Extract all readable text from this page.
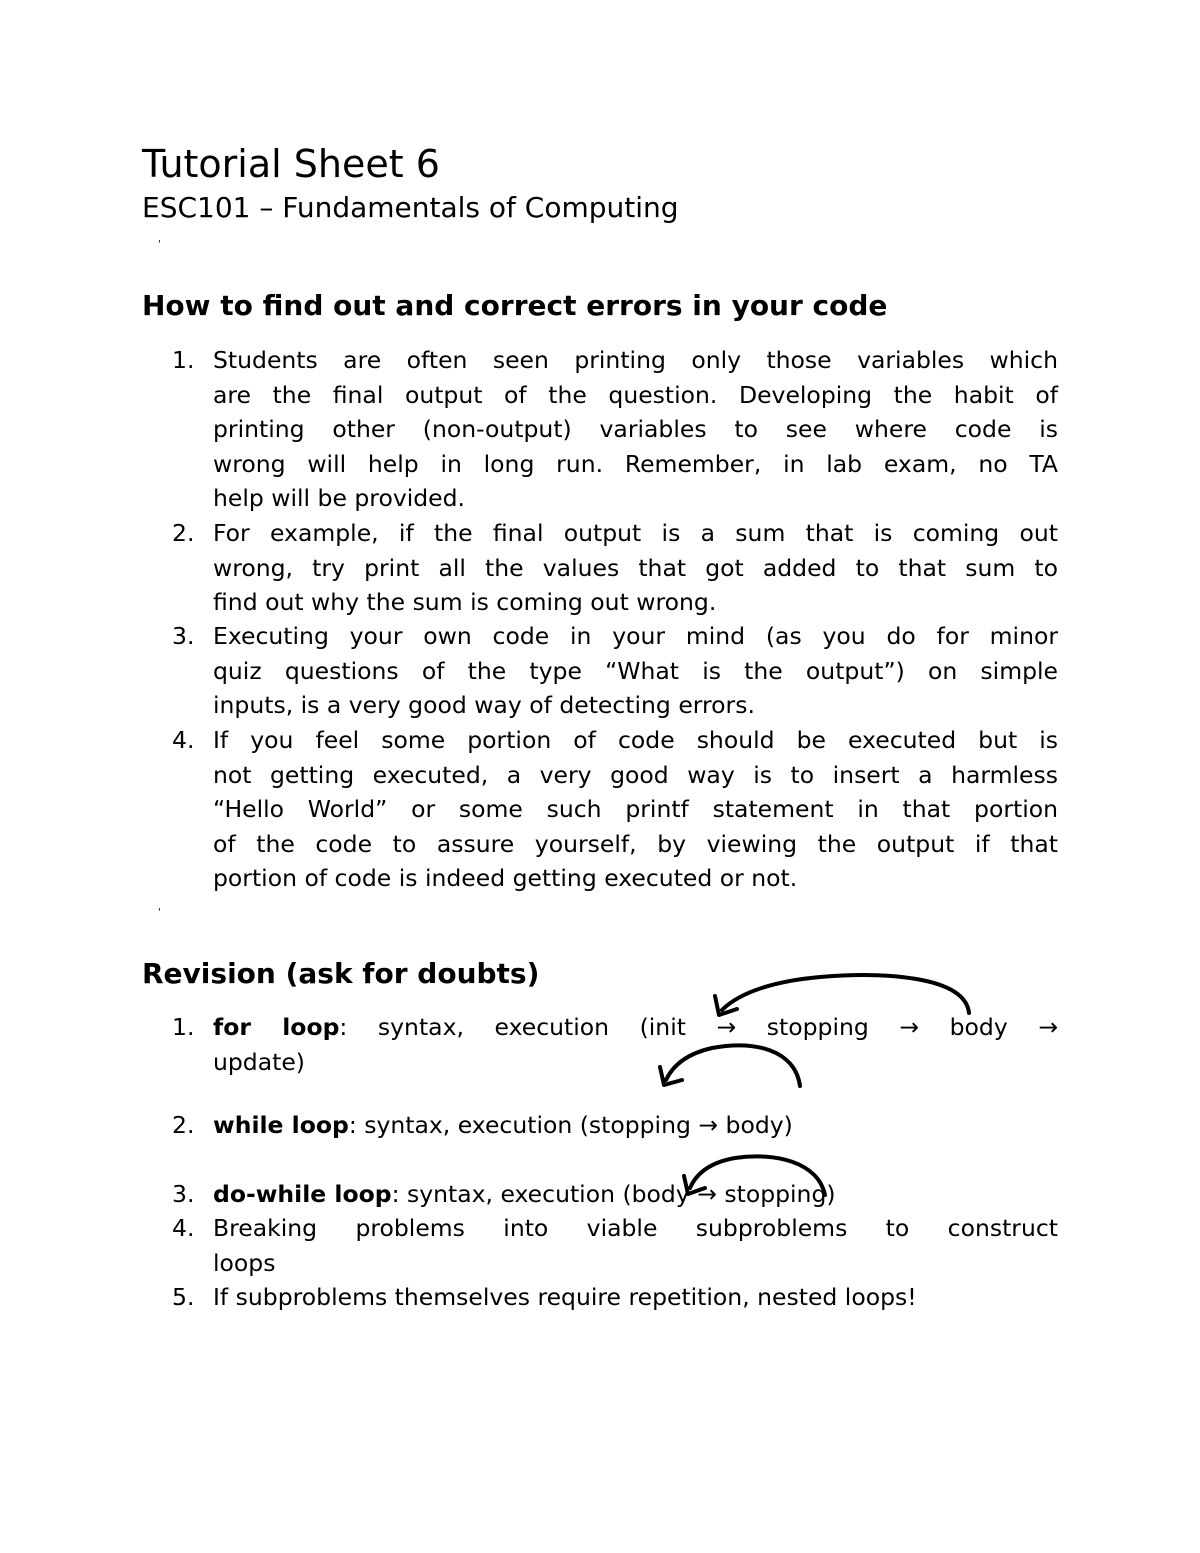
Tutorial Sheet 6
ESC101 – Fundamentals of Computing
'
How to find out and correct errors in your code
1. Students are often seen printing only those variables which
are the final output of the question. Developing the habit of
printing other (non-output) variables to see where code is
wrong will help in long run. Remember, in lab exam, no TA
help will be provided.
2. For example, if the final output is a sum that is coming out
wrong, try print all the values that got added to that sum to
find out why the sum is coming out wrong.
3. Executing your own code in your mind (as you do for minor
quiz questions of the type “What is the output”) on simple
inputs, is a very good way of detecting errors.
4. If you feel some portion of code should be executed but is
not getting executed, a very good way is to insert a harmless
“Hello World” or some such printf statement in that portion
of the code to assure yourself, by viewing the output if that
portion of code is indeed getting executed or not.
'
Revision (ask for doubts)
1. for loop: syntax, execution (init → stopping → body →
update)
2. while loop: syntax, execution (stopping → body)
3. do-while loop: syntax, execution (body → stopping)
4. Breaking problems into viable subproblems to construct
loops
5. If subproblems themselves require repetition, nested loops!
